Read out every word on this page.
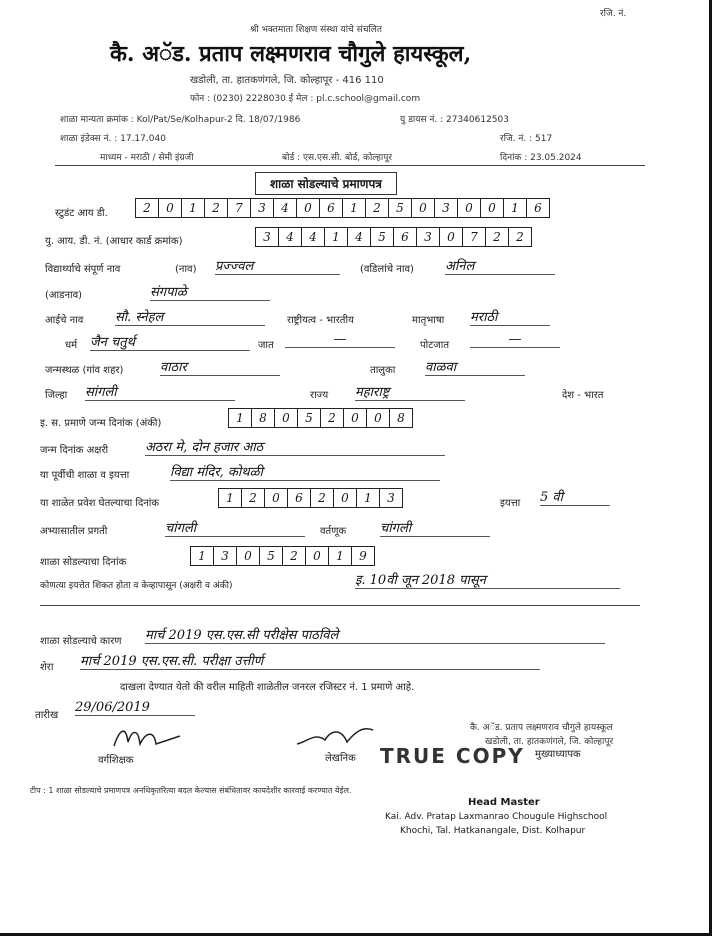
रजि. नं.
श्री भक्तमाता शिक्षण संस्था यांचे संचलित
कै. अॅड. प्रताप लक्ष्मणराव चौगुले हायस्कूल,
खडोली, ता. हातकणंगले, जि. कोल्हापूर - 416 110
फोन : (0230) 2228030 ई मेल : pl.c.school@gmail.com
शाळा मान्यता क्रमांक : Kol/Pat/Se/Kolhapur-2 दि. 18/07/1986	यु डायस नं. : 27340612503
शाळा इंडेक्स नं. : 17.17.040	रजि. नं. : 517
माध्यम - मराठी / सेमी इंग्रजी	बोर्ड : एस.एस.सी. बोर्ड, कोल्हापूर	दिनांक : 23.05.2024
शाळा सोडल्याचे प्रमाणपत्र
स्टुडंट आय डी.	2	0	1	2	7	3	4	0	6	1	2	5	0	3	0	0	1	6
यु. आय. डी. नं. (आधार कार्ड क्रमांक)	3	4	4	1	4	5	6	3	0	7	2	2
विद्यार्थ्याचे संपूर्ण नाव	(नाव) प्रज्ज्वल	(वडिलांचे नाव) अनिल
(आडनाव)	संगपाळे
आईचे नाव सौ. स्नेहल	राष्ट्रीयत्व - भारतीय	मातृभाषा मराठी
धर्म जैन चतुर्थ	जात	—	पोटजात	—
जन्मस्थळ (गांव शहर)	वाठार	तालुका वाळवा
जिल्हा सांगली	राज्य महाराष्ट्र	देश - भारत
इ. स. प्रमाणे जन्म दिनांक (अंकी)	1	8	0	5	2	0	0	8
जन्म दिनांक अक्षरी	अठरा मे, दोन हजार आठ
या पूर्वीची शाळा व इयत्ता	विद्या मंदिर, कोथळी
या शाळेत प्रवेश घेतल्याचा दिनांक	1	2	0	6	2	0	1	3	इयत्ता 5 वी
अभ्यासातील प्रगती	चांगली	वर्तणूक	चांगली
शाळा सोडल्याचा दिनांक	1	3	0	5	2	0	1	9
कोणत्या इयत्तेत शिकत होता व केव्हापासून (अक्षरी व अंकी)	इ. 10वी जून 2018 पासून
शाळा सोडल्याचे कारण मार्च 2019 एस.एस.सी परीक्षेस पाठविले
शेरा मार्च 2019 एस.एस.सी. परीक्षा उत्तीर्ण
दाखला देण्यात येतो की वरील माहिती शाळेतील जनरल रजिस्टर नं. 1 प्रमाणे आहे.
तारीख
29/06/2019
वर्गशिक्षक	लेखनिक TRUE COPY
कै. अॅड. प्रताप लक्ष्मणराव चौगुले हायस्कूल
खडोली, ता. हातकणंगले, जि. कोल्हापूर
मुख्याध्यापक
टीप : 1 शाळा सोडल्याचे प्रमाणपत्र अनधिकृतरित्या बदल केल्यास संबंधितावर कायदेशीर कारवाई करण्यात येईल.
Head Master
Kai. Adv. Pratap Laxmanrao Chougule Highschool
Khochi, Tal. Hatkanangale, Dist. Kolhapur
